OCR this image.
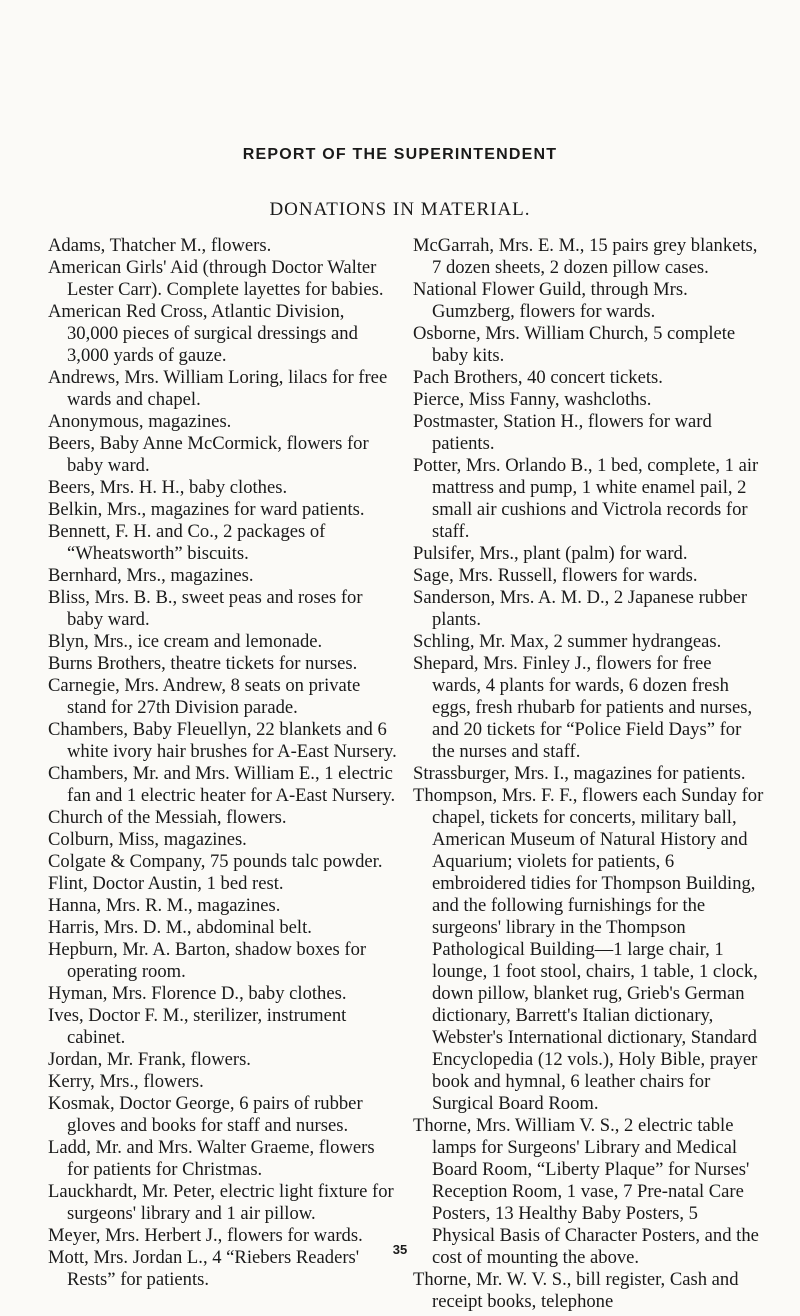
REPORT OF THE SUPERINTENDENT
DONATIONS IN MATERIAL.

Adams, Thatcher M., flowers.

American Girls' Aid (through Doctor Walter Lester Carr). Complete layettes for babies.

American Red Cross, Atlantic Division, 30,000 pieces of surgical dressings and 3,000 yards of gauze.

Andrews, Mrs. William Loring, lilacs for free wards and chapel.

Anonymous, magazines.

Beers, Baby Anne McCormick, flowers for baby ward.

Beers, Mrs. H. H., baby clothes.

Belkin, Mrs., magazines for ward patients.

Bennett, F. H. and Co., 2 packages of “Wheatsworth” biscuits.

Bernhard, Mrs., magazines.

Bliss, Mrs. B. B., sweet peas and roses for baby ward.

Blyn, Mrs., ice cream and lemonade.

Burns Brothers, theatre tickets for nurses.

Carnegie, Mrs. Andrew, 8 seats on private stand for 27th Division parade.

Chambers, Baby Fleuellyn, 22 blankets and 6 white ivory hair brushes for A-East Nursery.

Chambers, Mr. and Mrs. William E., 1 electric fan and 1 electric heater for A-East Nursery.

Church of the Messiah, flowers.

Colburn, Miss, magazines.

Colgate & Company, 75 pounds talc powder.

Flint, Doctor Austin, 1 bed rest.

Hanna, Mrs. R. M., magazines.

Harris, Mrs. D. M., abdominal belt.

Hepburn, Mr. A. Barton, shadow boxes for operating room.

Hyman, Mrs. Florence D., baby clothes.

Ives, Doctor F. M., sterilizer, instrument cabinet.

Jordan, Mr. Frank, flowers.

Kerry, Mrs., flowers.

Kosmak, Doctor George, 6 pairs of rubber gloves and books for staff and nurses.

Ladd, Mr. and Mrs. Walter Graeme, flowers for patients for Christmas.

Lauckhardt, Mr. Peter, electric light fixture for surgeons' library and 1 air pillow.

Meyer, Mrs. Herbert J., flowers for wards.

Mott, Mrs. Jordan L., 4 “Riebers Readers' Rests” for patients.

McGarrah, Mrs. E. M., 15 pairs grey blankets, 7 dozen sheets, 2 dozen pillow cases.

National Flower Guild, through Mrs. Gumzberg, flowers for wards.

Osborne, Mrs. William Church, 5 complete baby kits.

Pach Brothers, 40 concert tickets.

Pierce, Miss Fanny, washcloths.

Postmaster, Station H., flowers for ward patients.

Potter, Mrs. Orlando B., 1 bed, complete, 1 air mattress and pump, 1 white enamel pail, 2 small air cushions and Victrola records for staff.

Pulsifer, Mrs., plant (palm) for ward.

Sage, Mrs. Russell, flowers for wards.

Sanderson, Mrs. A. M. D., 2 Japanese rubber plants.

Schling, Mr. Max, 2 summer hydrangeas.

Shepard, Mrs. Finley J., flowers for free wards, 4 plants for wards, 6 dozen fresh eggs, fresh rhubarb for patients and nurses, and 20 tickets for “Police Field Days” for the nurses and staff.

Strassburger, Mrs. I., magazines for patients.

Thompson, Mrs. F. F., flowers each Sunday for chapel, tickets for concerts, military ball, American Museum of Natural History and Aquarium; violets for patients, 6 embroidered tidies for Thompson Building, and the following furnishings for the surgeons' library in the Thompson Pathological Building—1 large chair, 1 lounge, 1 foot stool, chairs, 1 table, 1 clock, down pillow, blanket rug, Grieb's German dictionary, Barrett's Italian dictionary, Webster's International dictionary, Standard Encyclopedia (12 vols.), Holy Bible, prayer book and hymnal, 6 leather chairs for Surgical Board Room.

Thorne, Mrs. William V. S., 2 electric table lamps for Surgeons' Library and Medical Board Room, “Liberty Plaque” for Nurses' Reception Room, 1 vase, 7 Pre-natal Care Posters, 13 Healthy Baby Posters, 5 Physical Basis of Character Posters, and the cost of mounting the above.

Thorne, Mr. W. V. S., bill register, Cash and receipt books, telephone

35
